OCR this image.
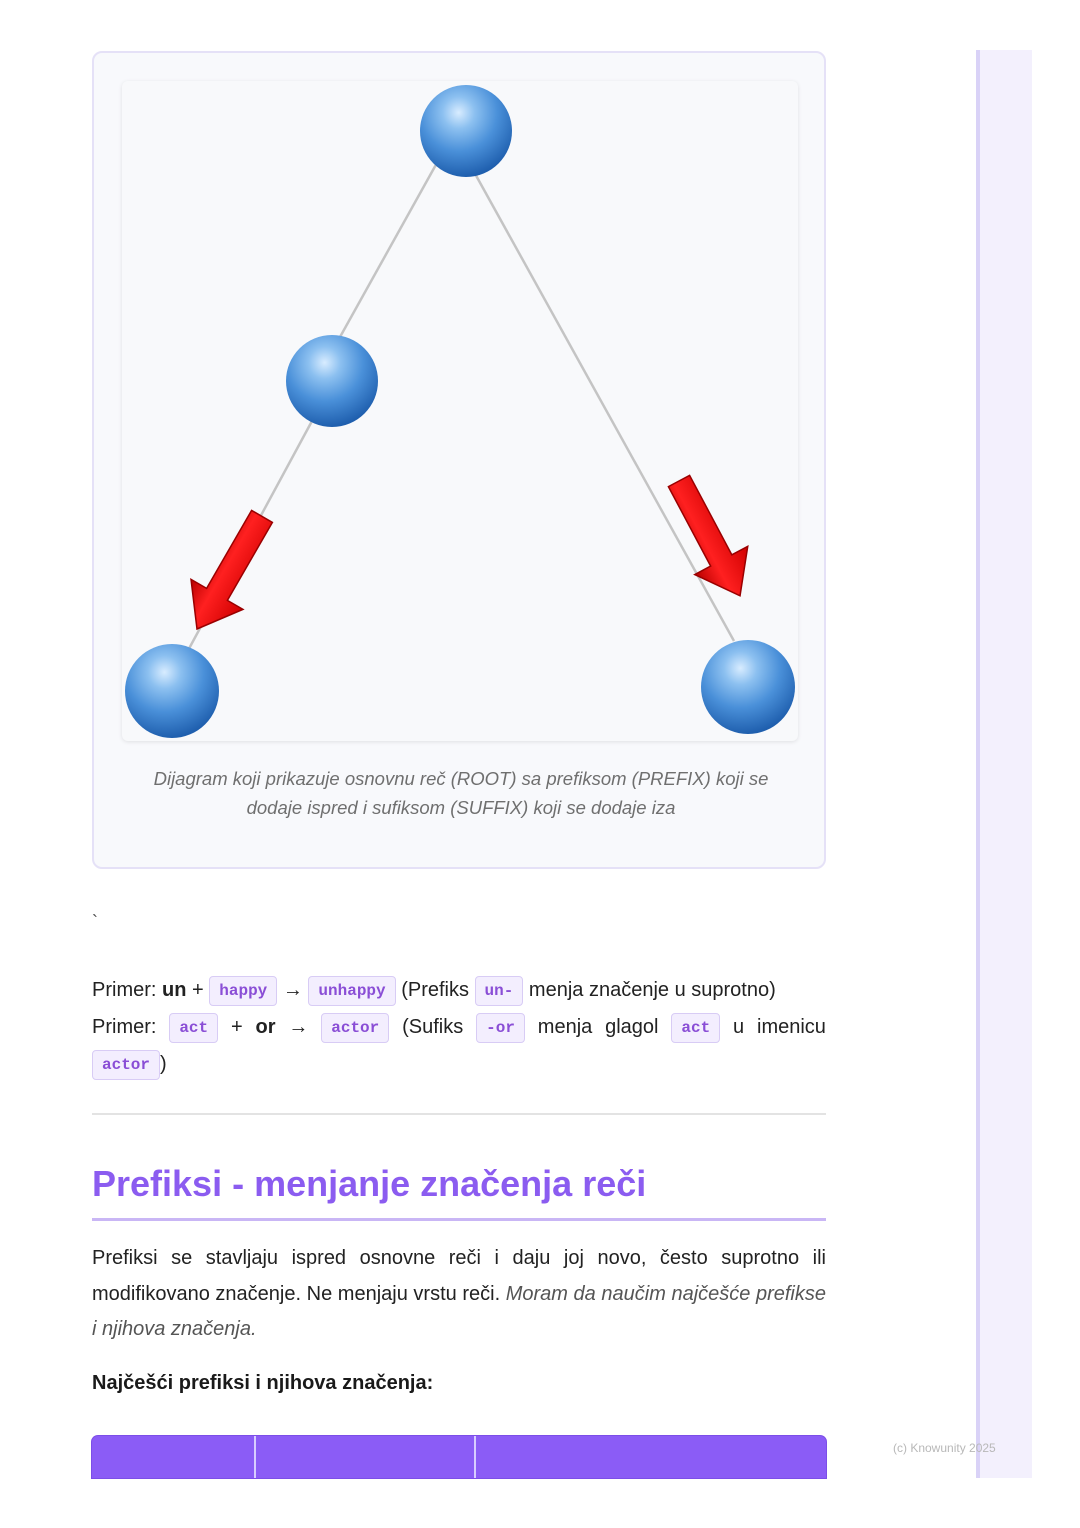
Dijagram koji prikazuje osnovnu reč (ROOT) sa prefiksom (PREFIX) koji se
dodaje ispred i sufiksom (SUFFIX) koji se dodaje iza
`
Primer: un + happy → unhappy (Prefiks un- menja značenje u suprotno)
Primer: act + or → actor (Sufiks -or menja glagol act u imenicu
actor )
Prefiksi - menjanje značenja reči

Prefiksi se stavljaju ispred osnovne reči i daju joj novo, često suprotno ili modifikovano značenje. Ne menjaju vrstu reči. Moram da naučim najčešće prefikse i njihova značenja.

Najčešći prefiksi i njihova značenja:
(c) Knowunity 2025
